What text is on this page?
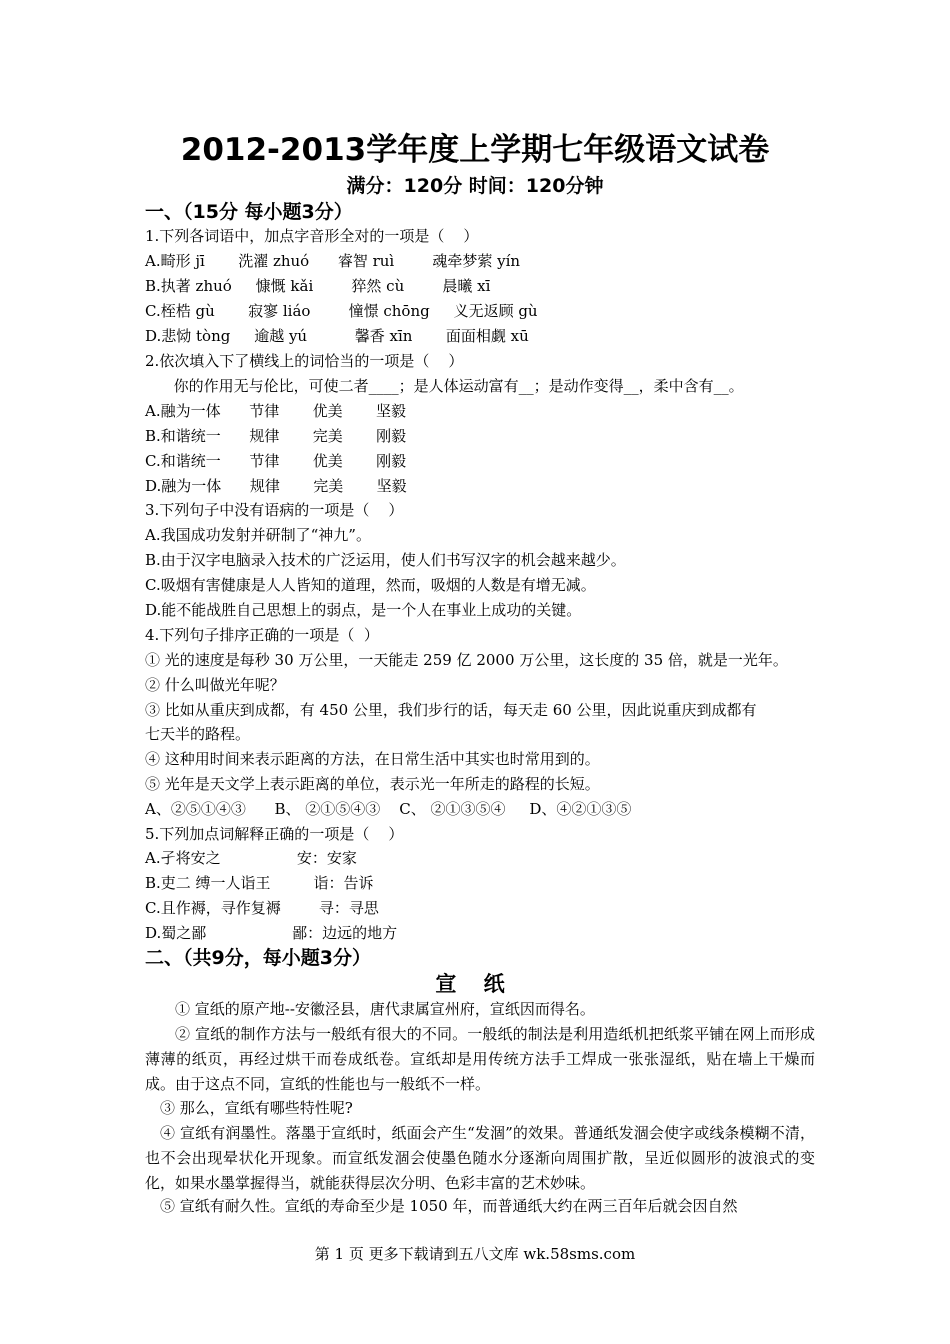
2012-2013学年度上学期七年级语文试卷
满分：120分 时间：120分钟
一、（15分 每小题3分）
1.下列各词语中，加点字音形全对的一项是（    ）
A.畸形 jī       洗濯 zhuó      睿智 ruì        魂牵梦萦 yín
B.执著 zhuó     慷慨 kǎi        猝然 cù        晨曦 xī
C.桎梏 gù       寂寥 liáo        憧憬 chōng     义无返顾 gù
D.悲恸 tòng     逾越 yú          馨香 xīn       面面相觑 xū
2.依次填入下了横线上的词恰当的一项是（    ）
你的作用无与伦比，可使二者____；是人体运动富有__；是动作变得__，柔中含有__。
A.融为一体      节律       优美       坚毅
B.和谐统一      规律       完美       刚毅
C.和谐统一      节律       优美       刚毅
D.融为一体      规律       完美       坚毅
3.下列句子中没有语病的一项是（    ）
A.我国成功发射并研制了“神九”。
B.由于汉字电脑录入技术的广泛运用，使人们书写汉字的机会越来越少。
C.吸烟有害健康是人人皆知的道理，然而，吸烟的人数是有增无减。
D.能不能战胜自己思想上的弱点，是一个人在事业上成功的关键。
4.下列句子排序正确的一项是（  ）
① 光的速度是每秒 30 万公里，一天能走 259 亿 2000 万公里，这长度的 35 倍，就是一光年。
② 什么叫做光年呢？
③ 比如从重庆到成都，有 450 公里，我们步行的话，每天走 60 公里，因此说重庆到成都有
七天半的路程。
④ 这种用时间来表示距离的方法，在日常生活中其实也时常用到的。
⑤ 光年是天文学上表示距离的单位，表示光一年所走的路程的长短。
A、②⑤①④③      B、 ②①⑤④③    C、 ②①③⑤④     D、④②①③⑤
5.下列加点词解释正确的一项是（    ）
A.孑将安之                安：安家
B.吏二 缚一人诣王         诣：告诉
C.且作褥，寻作复褥        寻：寻思
D.蜀之鄙                  鄙：边远的地方
二、（共9分，每小题3分）
宣 纸
① 宣纸的原产地--安徽泾县，唐代隶属宣州府，宣纸因而得名。
② 宣纸的制作方法与一般纸有很大的不同。一般纸的制法是利用造纸机把纸浆平铺在网上而形成薄薄的纸页，再经过烘干而卷成纸卷。宣纸却是用传统方法手工焊成一张张湿纸，贴在墙上干燥而成。由于这点不同，宣纸的性能也与一般纸不一样。
③ 那么，宣纸有哪些特性呢?
④ 宣纸有润墨性。落墨于宣纸时，纸面会产生“发涸”的效果。普通纸发涸会使字或线条模糊不清，也不会出现晕状化开现象。而宣纸发涸会使墨色随水分逐渐向周围扩散，呈近似圆形的波浪式的变化，如果水墨掌握得当，就能获得层次分明、色彩丰富的艺术妙味。
⑤ 宣纸有耐久性。宣纸的寿命至少是 1050 年，而普通纸大约在两三百年后就会因自然
第 1 页 更多下载请到五八文库 wk.58sms.com
